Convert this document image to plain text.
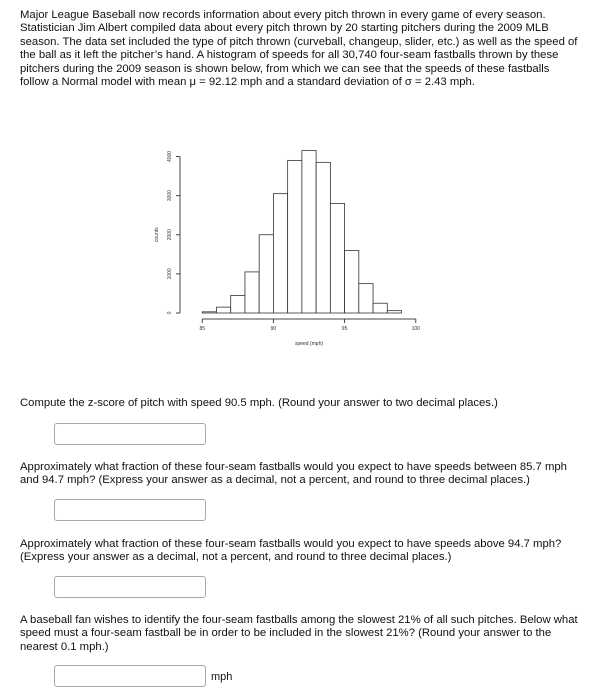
Major League Baseball now records information about every pitch thrown in every game of every season. Statistician Jim Albert compiled data about every pitch thrown by 20 starting pitchers during the 2009 MLB season. The data set included the type of pitch thrown (curveball, changeup, slider, etc.) as well as the speed of the ball as it left the pitcher’s hand. A histogram of speeds for all 30,740 four-seam fastballs thrown by these pitchers during the 2009 season is shown below, from which we can see that the speeds of these fastballs follow a Normal model with mean μ = 92.12 mph and a standard deviation of σ = 2.43 mph.

85	90	95	100
0
1000
2000
3000
4000
speed (mph)
counts

Compute the z-score of pitch with speed 90.5 mph. (Round your answer to two decimal places.)

Approximately what fraction of these four-seam fastballs would you expect to have speeds between 85.7 mph and 94.7 mph? (Express your answer as a decimal, not a percent, and round to three decimal places.)

Approximately what fraction of these four-seam fastballs would you expect to have speeds above 94.7 mph? (Express your answer as a decimal, not a percent, and round to three decimal places.)

A baseball fan wishes to identify the four-seam fastballs among the slowest 21% of all such pitches. Below what speed must a four-seam fastball be in order to be included in the slowest 21%? (Round your answer to the nearest 0.1 mph.)

mph
